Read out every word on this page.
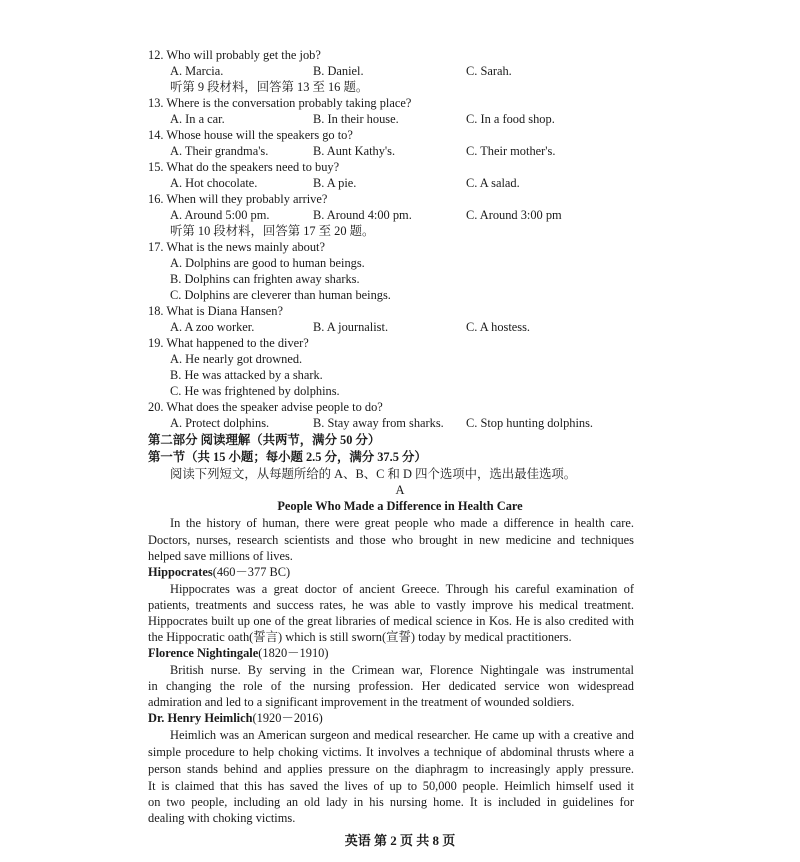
12. Who will probably get the job?
A. Marcia.	B. Daniel.	C. Sarah.
听第 9 段材料，回答第 13 至 16 题。
13. Where is the conversation probably taking place?
A. In a car.	B. In their house.	C. In a food shop.
14. Whose house will the speakers go to?
A. Their grandma's.	B. Aunt Kathy's.	C. Their mother's.
15. What do the speakers need to buy?
A. Hot chocolate.	B. A pie.	C. A salad.
16. When will they probably arrive?
A. Around 5:00 pm.	B. Around 4:00 pm.	C. Around 3:00 pm
听第 10 段材料，回答第 17 至 20 题。
17. What is the news mainly about?
A. Dolphins are good to human beings.
B. Dolphins can frighten away sharks.
C. Dolphins are cleverer than human beings.
18. What is Diana Hansen?
A. A zoo worker.	B. A journalist.	C. A hostess.
19. What happened to the diver?
A. He nearly got drowned.
B. He was attacked by a shark.
C. He was frightened by dolphins.
20. What does the speaker advise people to do?
A. Protect dolphins.	B. Stay away from sharks. C. Stop hunting dolphins.
第二部分 阅读理解（共两节，满分 50 分）
第一节（共 15 小题；每小题 2.5 分，满分 37.5 分）
阅读下列短文，从每题所给的 A、B、C 和 D 四个选项中，选出最佳选项。
A
People Who Made a Difference in Health Care
In the history of human, there were great people who made a difference in health care.
Doctors, nurses, research scientists and those who brought in new medicine and techniques
helped save millions of lives.
Hippocrates(460－377 BC)
Hippocrates was a great doctor of ancient Greece. Through his careful examination of
patients, treatments and success rates, he was able to vastly improve his medical treatment.
Hippocrates built up one of the great libraries of medical science in Kos. He is also credited with
the Hippocratic oath(誓言) which is still sworn(宣誓) today by medical practitioners.
Florence Nightingale(1820－1910)
British nurse. By serving in the Crimean war, Florence Nightingale was instrumental
in changing the role of the nursing profession. Her dedicated service won widespread
admiration and led to a significant improvement in the treatment of wounded soldiers.
Dr. Henry Heimlich(1920－2016)
Heimlich was an American surgeon and medical researcher. He came up with a creative and
simple procedure to help choking victims. It involves a technique of abdominal thrusts where a
person stands behind and applies pressure on the diaphragm to increasingly apply pressure.
It is claimed that this has saved the lives of up to 50,000 people. Heimlich himself used it
on two people, including an old lady in his nursing home. It is included in guidelines for
dealing with choking victims.
英语 第 2 页 共 8 页
